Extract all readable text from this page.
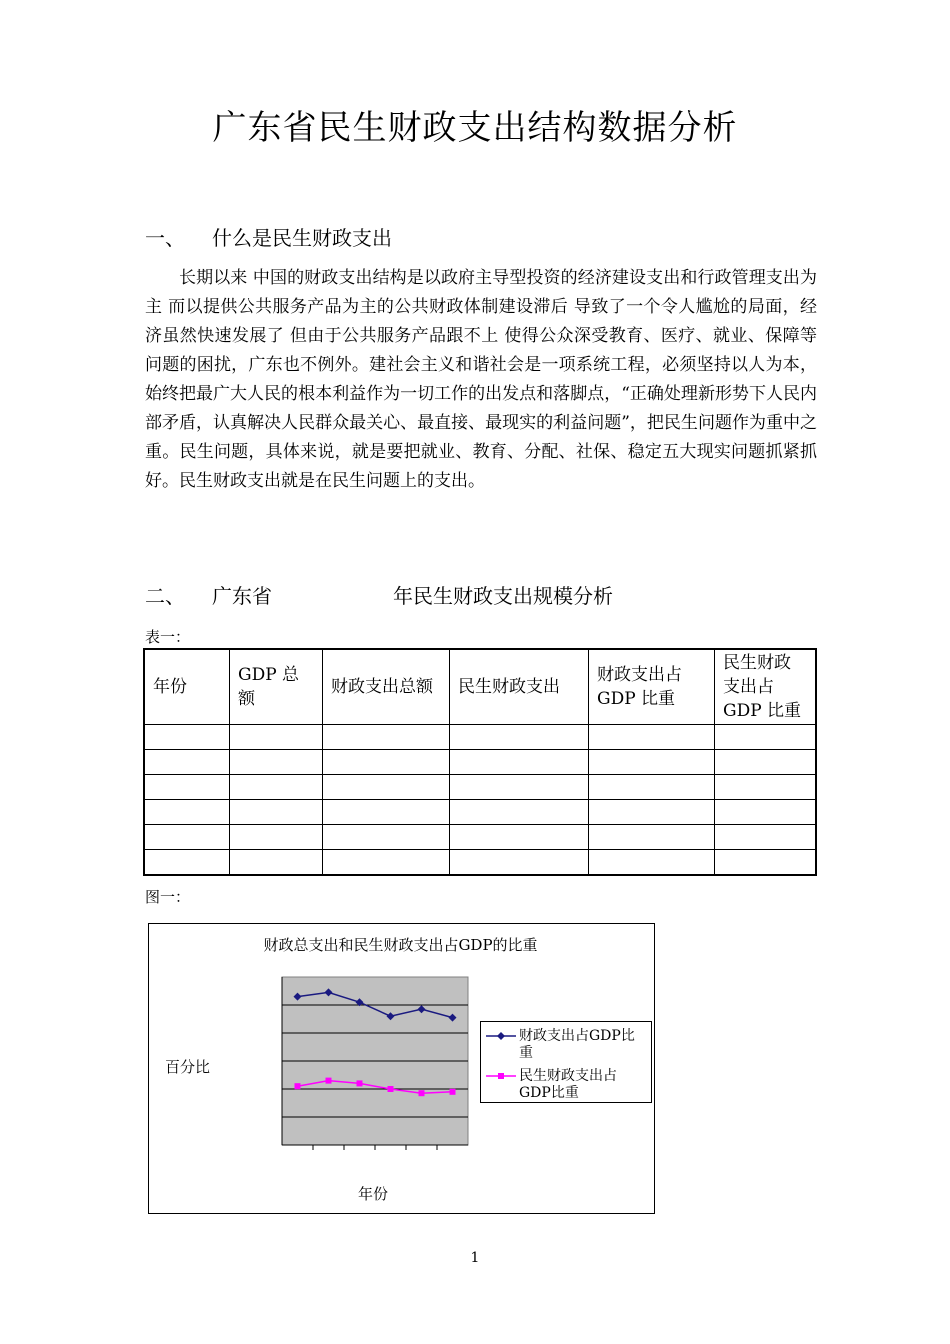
广东省民生财政支出结构数据分析
一、 什么是民生财政支出
长期以来 中国的财政支出结构是以政府主导型投资的经济建设支出和行政管理支出为主 而以提供公共服务产品为主的公共财政体制建设滞后 导致了一个令人尴尬的局面，经济虽然快速发展了 但由于公共服务产品跟不上 使得公众深受教育、医疗、就业、保障等问题的困扰，广东也不例外。建社会主义和谐社会是一项系统工程，必须坚持以人为本，始终把最广大人民的根本利益作为一切工作的出发点和落脚点，“正确处理新形势下人民内部矛盾，认真解决人民群众最关心、最直接、最现实的利益问题”，把民生问题作为重中之重。民生问题，具体来说，就是要把就业、教育、分配、社保、稳定五大现实问题抓紧抓好。民生财政支出就是在民生问题上的支出。
二、 广东省	年民生财政支出规模分析
表一：
年份	GDP 总额	财政支出总额	民生财政支出	财政支出占GDP 比重	民生财政支出占GDP 比重

图一：
财政总支出和民生财政支出占GDP的比重
百分比
年份
财政支出占GDP比重
民生财政支出占GDP比重
1
